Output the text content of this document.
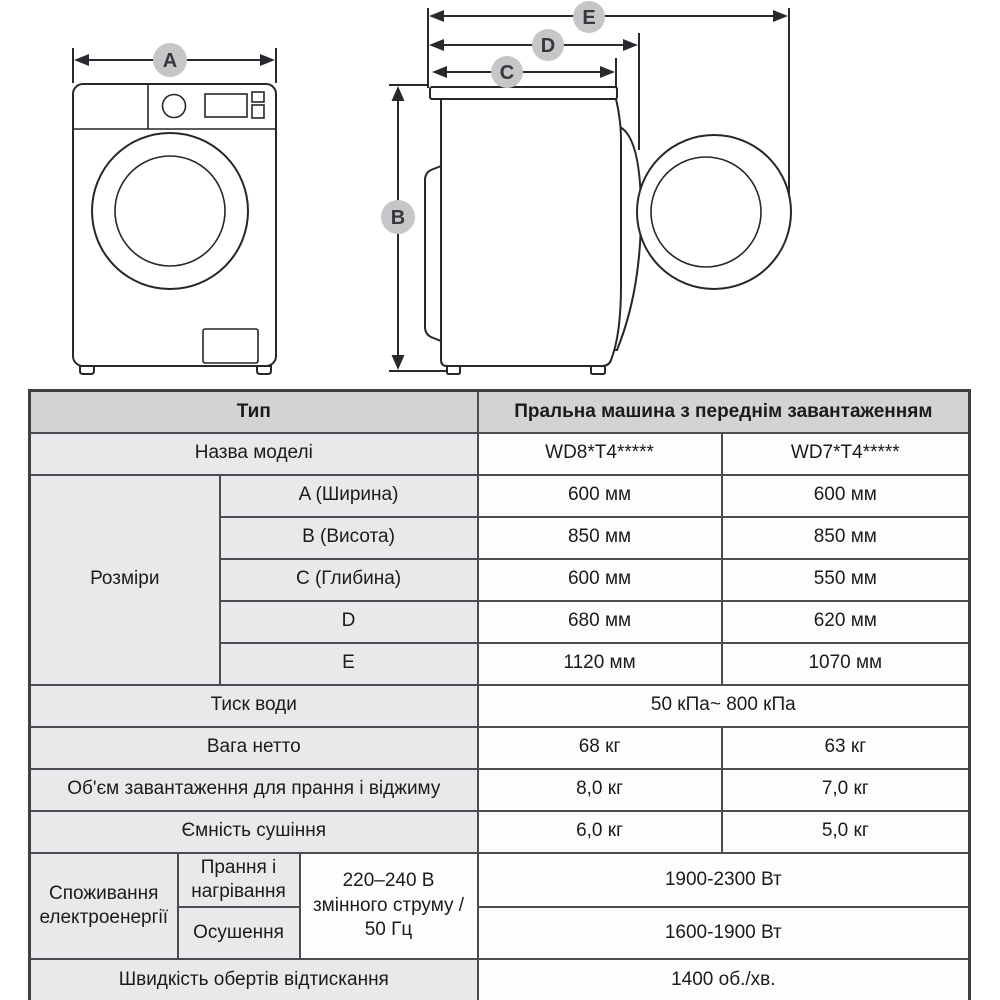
A
C
D
E
B
Тип				Пральна машина з переднім завантаженням	
Назва моделі				WD8*T4*****	WD7*T4*****
Розміри		A (Ширина)		600 мм	600 мм
		B (Висота)		850 мм	850 мм
		C (Глибина)		600 мм	550 мм
		D		680 мм	620 мм
		E		1120 мм	1070 мм
Тиск води				50 кПа~ 800 кПа	
Вага нетто				68 кг	63 кг
Об'єм завантаження для прання і віджиму				8,0 кг	7,0 кг
Ємність сушіння				6,0 кг	5,0 кг
Споживання електроенергії	Прання і нагрівання		220–240 В змінного струму / 50 Гц	1900-2300 Вт	
	Осушення			1600-1900 Вт	
Швидкість обертів відтискання				1400 об./хв.	
